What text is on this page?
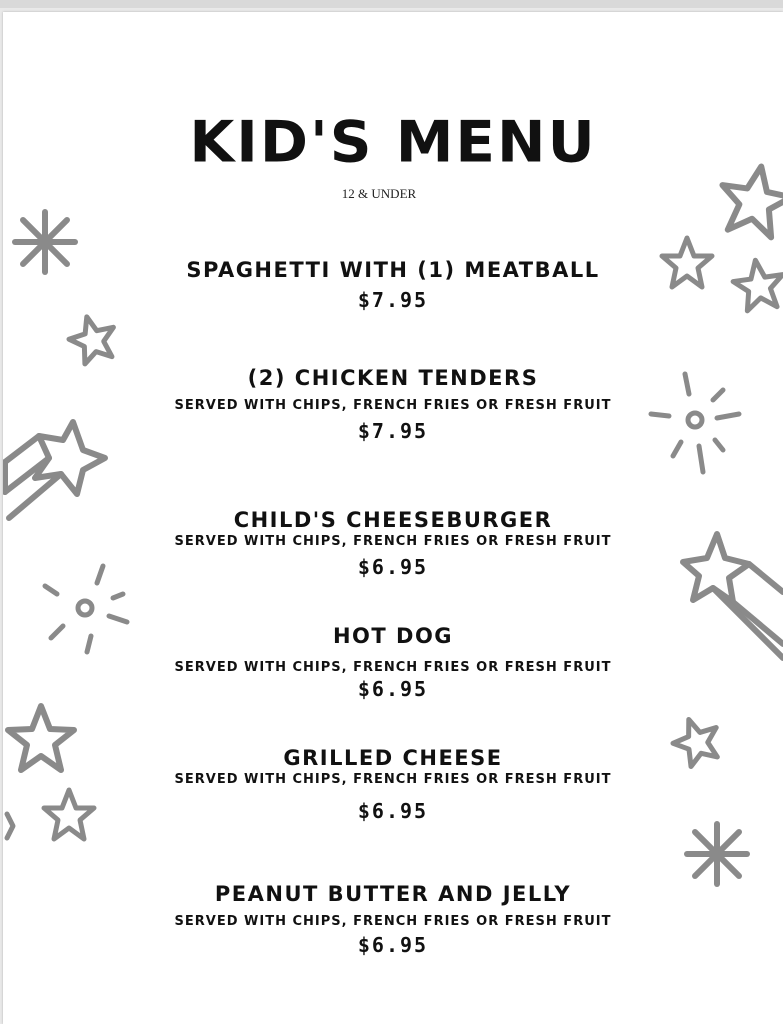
KID'S MENU
12 & UNDER
SPAGHETTI WITH (1) MEATBALL
$7.95
(2) CHICKEN TENDERS
SERVED WITH CHIPS, FRENCH FRIES OR FRESH FRUIT
$7.95
CHILD'S CHEESEBURGER
SERVED WITH CHIPS, FRENCH FRIES OR FRESH FRUIT
$6.95
HOT DOG
SERVED WITH CHIPS, FRENCH FRIES OR FRESH FRUIT
$6.95
GRILLED CHEESE
SERVED WITH CHIPS, FRENCH FRIES OR FRESH FRUIT
$6.95
PEANUT BUTTER AND JELLY
SERVED WITH CHIPS, FRENCH FRIES OR FRESH FRUIT
$6.95
